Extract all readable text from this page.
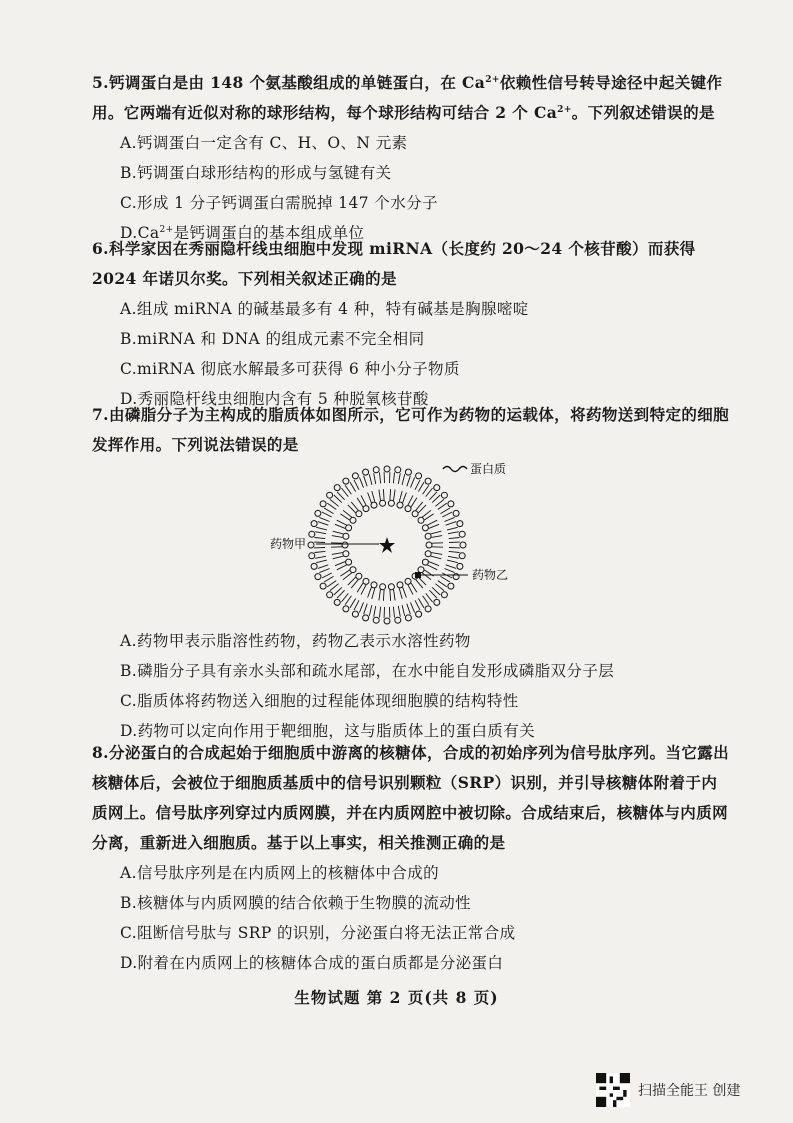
5.钙调蛋白是由 148 个氨基酸组成的单链蛋白，在 $Ca^{2+}$依赖性信号转导途径中起关键作用。它两端有近似对称的球形结构，每个球形结构可结合 2 个 $Ca^{2+}$。下列叙述错误的是

A.钙调蛋白一定含有 C、H、O、N 元素

B.钙调蛋白球形结构的形成与氢键有关

C.形成 1 分子钙调蛋白需脱掉 147 个水分子

$D.Ca^{2+}$是钙调蛋白的基本组成单位

6.科学家因在秀丽隐杆线虫细胞中发现 miRNA（长度约 20～24 个核苷酸）而获得 2024 年诺贝尔奖。下列相关叙述正确的是

A.组成 miRNA 的碱基最多有 4 种，特有碱基是胸腺嘧啶

B.miRNA 和 DNA 的组成元素不完全相同

C.miRNA 彻底水解最多可获得 6 种小分子物质

D.秀丽隐杆线虫细胞内含有 5 种脱氧核苷酸

7.由磷脂分子为主构成的脂质体如图所示，它可作为药物的运载体，将药物送到特定的细胞发挥作用。下列说法错误的是

蛋白质
药物甲
药物乙

A.药物甲表示脂溶性药物，药物乙表示水溶性药物

B.磷脂分子具有亲水头部和疏水尾部，在水中能自发形成磷脂双分子层

C.脂质体将药物送入细胞的过程能体现细胞膜的结构特性

D.药物可以定向作用于靶细胞，这与脂质体上的蛋白质有关

8.分泌蛋白的合成起始于细胞质中游离的核糖体，合成的初始序列为信号肽序列。当它露出核糖体后，会被位于细胞质基质中的信号识别颗粒（SRP）识别，并引导核糖体附着于内质网上。信号肽序列穿过内质网膜，并在内质网腔中被切除。合成结束后，核糖体与内质网分离，重新进入细胞质。基于以上事实，相关推测正确的是

A.信号肽序列是在内质网上的核糖体中合成的

B.核糖体与内质网膜的结合依赖于生物膜的流动性

C.阻断信号肽与 SRP 的识别，分泌蛋白将无法正常合成

D.附着在内质网上的核糖体合成的蛋白质都是分泌蛋白

生物试题 第 2 页(共 8 页)
扫描全能王 创建
